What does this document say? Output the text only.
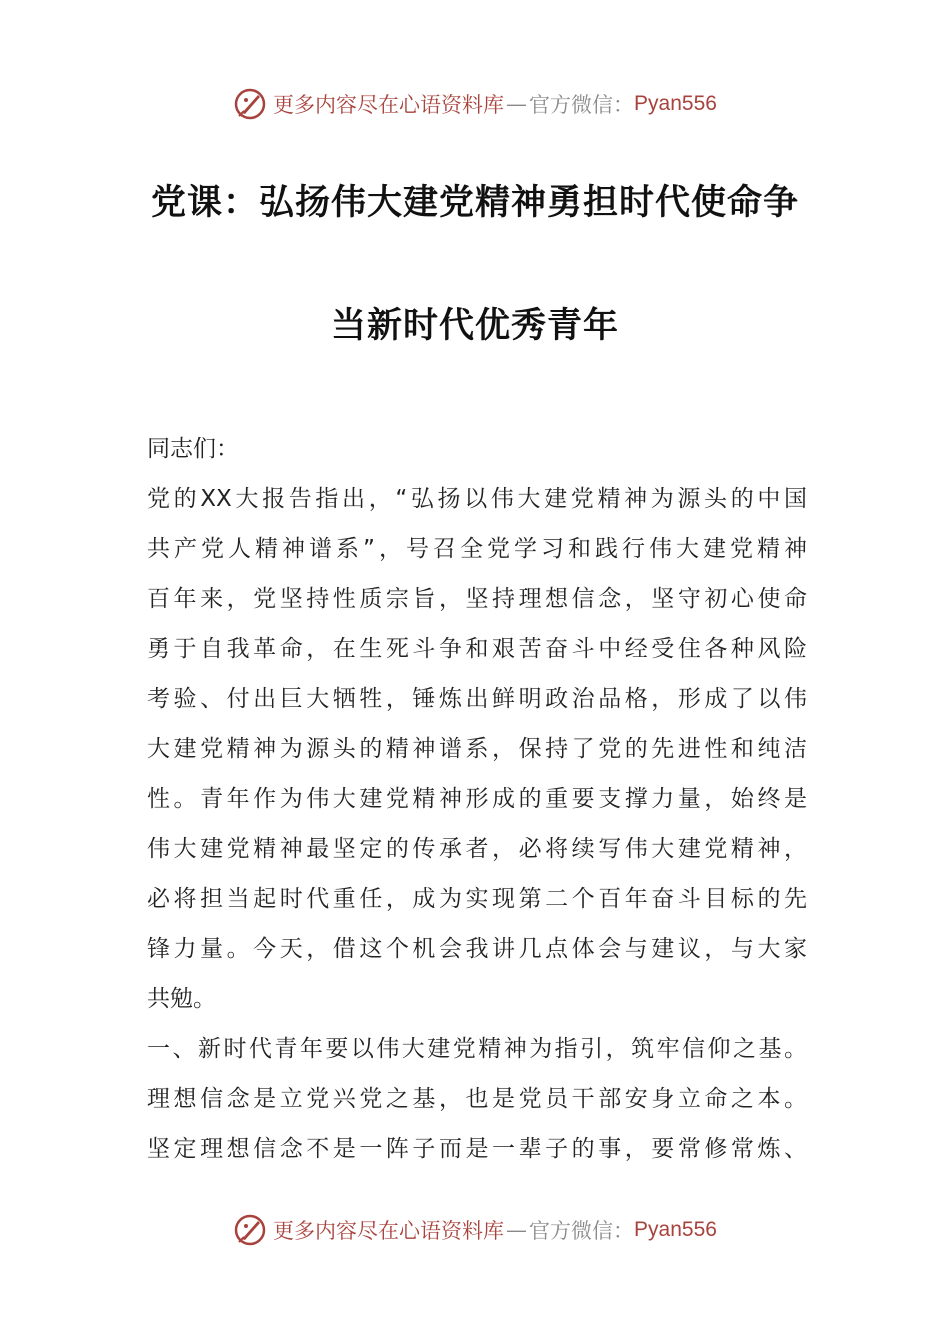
更多内容尽在心语资料库 — 官方微信： Pyan556
党课：弘扬伟大建党精神勇担时代使命争
当新时代优秀青年
同志们：
党的XX大报告指出，“弘扬以伟大建党精神为源头的中国
共产党人精神谱系”，号召全党学习和践行伟大建党精神
百年来，党坚持性质宗旨，坚持理想信念，坚守初心使命
勇于自我革命，在生死斗争和艰苦奋斗中经受住各种风险
考验、付出巨大牺牲，锤炼出鲜明政治品格，形成了以伟
大建党精神为源头的精神谱系，保持了党的先进性和纯洁
性。青年作为伟大建党精神形成的重要支撑力量，始终是
伟大建党精神最坚定的传承者，必将续写伟大建党精神，
必将担当起时代重任，成为实现第二个百年奋斗目标的先
锋力量。今天，借这个机会我讲几点体会与建议，与大家
共勉。
一、新时代青年要以伟大建党精神为指引，筑牢信仰之基。
理想信念是立党兴党之基，也是党员干部安身立命之本。
坚定理想信念不是一阵子而是一辈子的事，要常修常炼、
更多内容尽在心语资料库 — 官方微信： Pyan556
